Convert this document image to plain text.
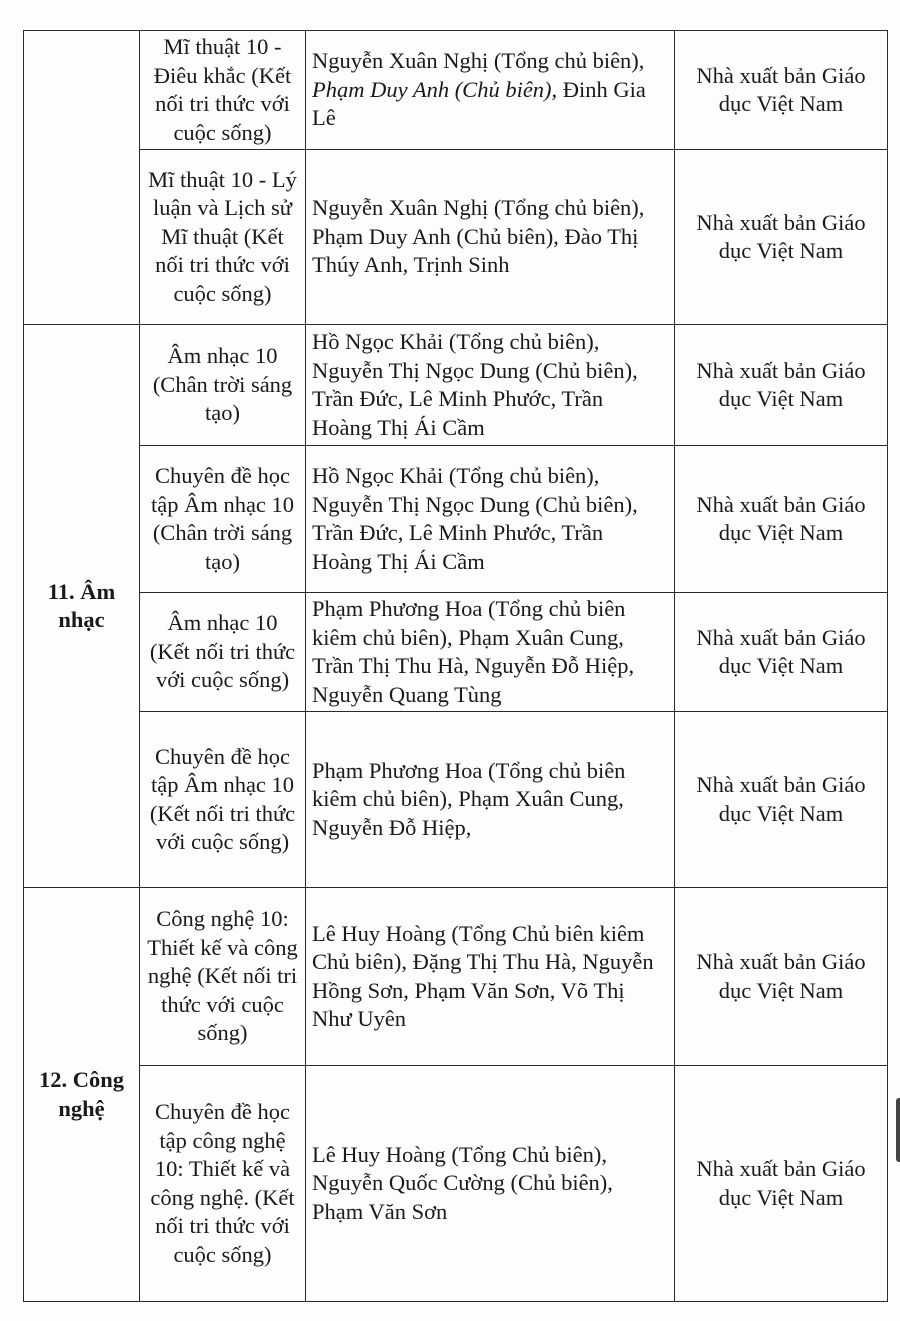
	Mĩ thuật 10 - Điêu khắc (Kết nối tri thức với cuộc sống)	Nguyễn Xuân Nghị (Tổng chủ biên), Phạm Duy Anh (Chủ biên), Đinh Gia Lê	Nhà xuất bản Giáo dục Việt Nam
	Mĩ thuật 10 - Lý luận và Lịch sử Mĩ thuật (Kết nối tri thức với cuộc sống)	Nguyễn Xuân Nghị (Tổng chủ biên), Phạm Duy Anh (Chủ biên), Đào Thị Thúy Anh, Trịnh Sinh	Nhà xuất bản Giáo dục Việt Nam
11. Âm nhạc	Âm nhạc 10 (Chân trời sáng tạo)	Hồ Ngọc Khải (Tổng chủ biên), Nguyễn Thị Ngọc Dung (Chủ biên), Trần Đức, Lê Minh Phước, Trần Hoàng Thị Ái Cầm	Nhà xuất bản Giáo dục Việt Nam
	Chuyên đề học tập Âm nhạc 10 (Chân trời sáng tạo)	Hồ Ngọc Khải (Tổng chủ biên), Nguyễn Thị Ngọc Dung (Chủ biên), Trần Đức, Lê Minh Phước, Trần Hoàng Thị Ái Cầm	Nhà xuất bản Giáo dục Việt Nam
	Âm nhạc 10 (Kết nối tri thức với cuộc sống)	Phạm Phương Hoa (Tổng chủ biên kiêm chủ biên), Phạm Xuân Cung, Trần Thị Thu Hà, Nguyễn Đỗ Hiệp, Nguyễn Quang Tùng	Nhà xuất bản Giáo dục Việt Nam
	Chuyên đề học tập Âm nhạc 10 (Kết nối tri thức với cuộc sống)	Phạm Phương Hoa (Tổng chủ biên kiêm chủ biên), Phạm Xuân Cung, Nguyễn Đỗ Hiệp,	Nhà xuất bản Giáo dục Việt Nam
12. Công nghệ	Công nghệ 10: Thiết kế và công nghệ (Kết nối tri thức với cuộc sống)	Lê Huy Hoàng (Tổng Chủ biên kiêm Chủ biên), Đặng Thị Thu Hà, Nguyễn Hồng Sơn, Phạm Văn Sơn, Võ Thị Như Uyên	Nhà xuất bản Giáo dục Việt Nam
	Chuyên đề học tập công nghệ 10: Thiết kế và công nghệ. (Kết nối tri thức với cuộc sống)	Lê Huy Hoàng (Tổng Chủ biên), Nguyễn Quốc Cường (Chủ biên), Phạm Văn Sơn	Nhà xuất bản Giáo dục Việt Nam
